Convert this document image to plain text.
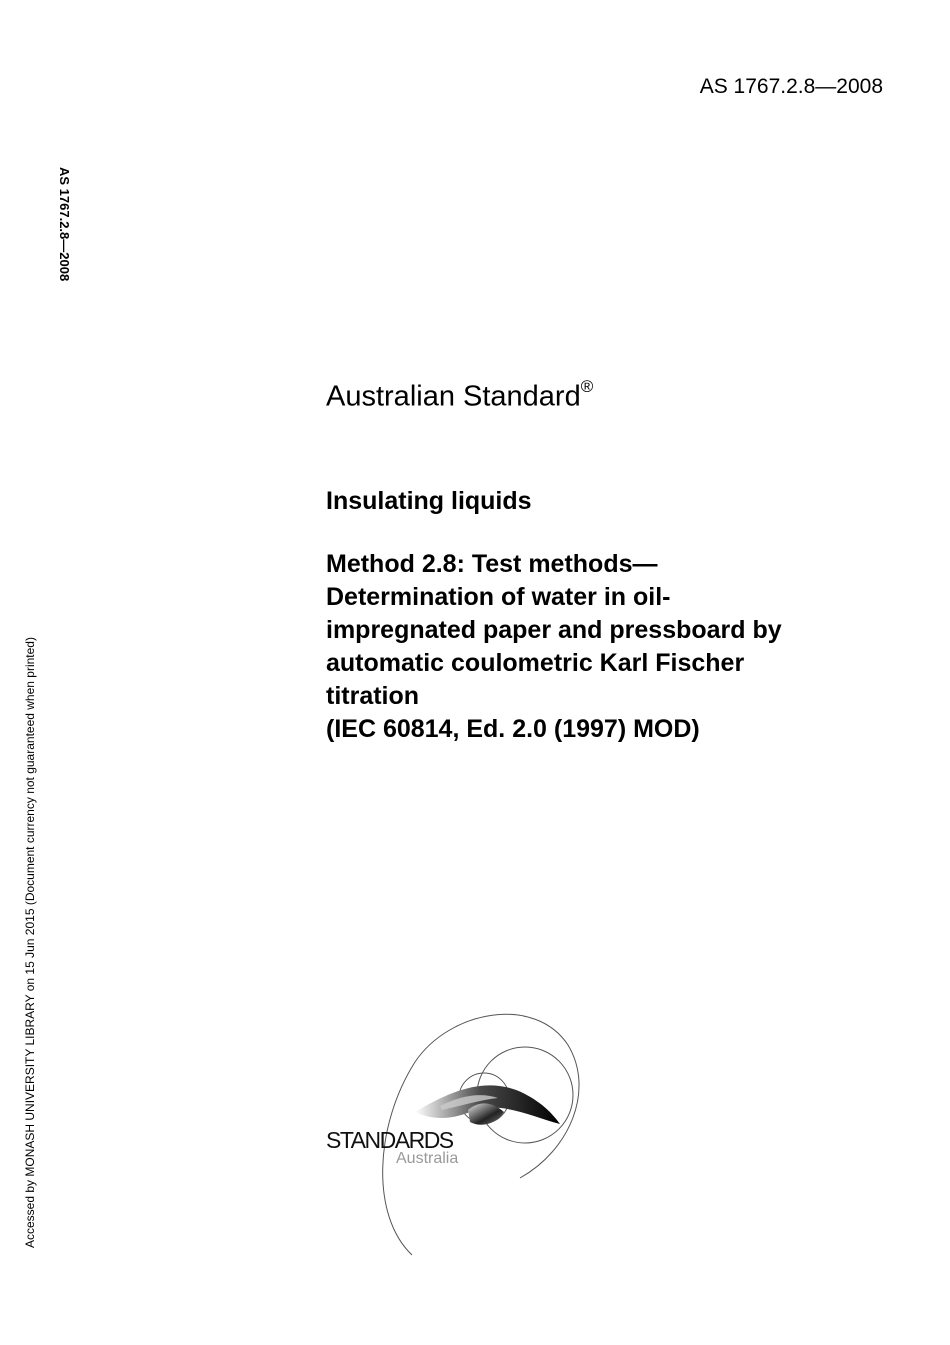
AS 1767.2.8—2008
AS 1767.2.8—2008
Accessed by MONASH UNIVERSITY LIBRARY on 15 Jun 2015 (Document currency not guaranteed when printed)
Australian Standard®
Insulating liquids
Method 2.8: Test methods—
Determination of water in oil-
impregnated paper and pressboard by
automatic coulometric Karl Fischer
titration
(IEC 60814, Ed. 2.0 (1997) MOD)
STANDARDS
Australia
